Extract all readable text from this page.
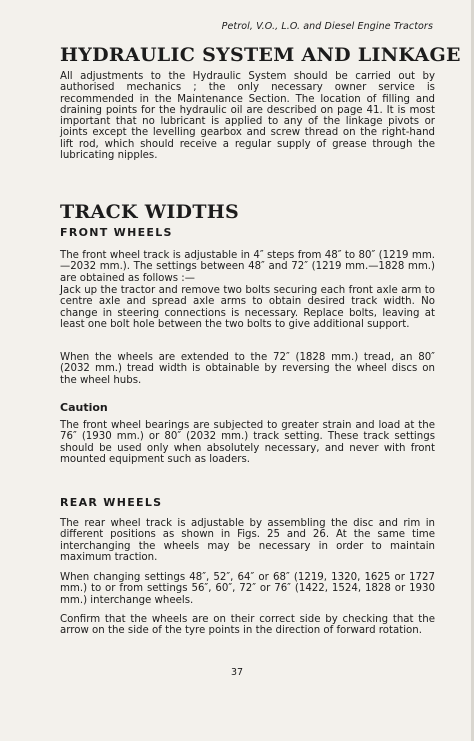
Petrol, V.O., L.O. and Diesel Engine Tractors
HYDRAULIC SYSTEM AND LINKAGE

All adjustments to the Hydraulic System should be carried out by authorised mechanics ; the only necessary owner service is recommended in the Maintenance Section. The location of filling and draining points for the hydraulic oil are described on page 41. It is most important that no lubricant is applied to any of the linkage pivots or joints except the levelling gearbox and screw thread on the right-hand lift rod, which should receive a regular supply of grease through the lubricating nipples.

TRACK WIDTHS
FRONT WHEELS

The front wheel track is adjustable in 4″ steps from 48″ to 80″ (1219 mm.—2032 mm.). The settings between 48″ and 72″ (1219 mm.—1828 mm.) are obtained as follows :—

Jack up the tractor and remove two bolts securing each front axle arm to centre axle and spread axle arms to obtain desired track width. No change in steering connections is necessary. Replace bolts, leaving at least one bolt hole between the two bolts to give additional support.

When the wheels are extended to the 72″ (1828 mm.) tread, an 80″ (2032 mm.) tread width is obtainable by reversing the wheel discs on the wheel hubs.

Caution

The front wheel bearings are subjected to greater strain and load at the 76″ (1930 mm.) or 80″ (2032 mm.) track setting. These track settings should be used only when absolutely necessary, and never with front mounted equipment such as loaders.

REAR WHEELS

The rear wheel track is adjustable by assembling the disc and rim in different positions as shown in Figs. 25 and 26. At the same time interchanging the wheels may be necessary in order to maintain maximum traction.

When changing settings 48″, 52″, 64″ or 68″ (1219, 1320, 1625 or 1727 mm.) to or from settings 56″, 60″, 72″ or 76″ (1422, 1524, 1828 or 1930 mm.) interchange wheels.

Confirm that the wheels are on their correct side by checking that the arrow on the side of the tyre points in the direction of forward rotation.

37
